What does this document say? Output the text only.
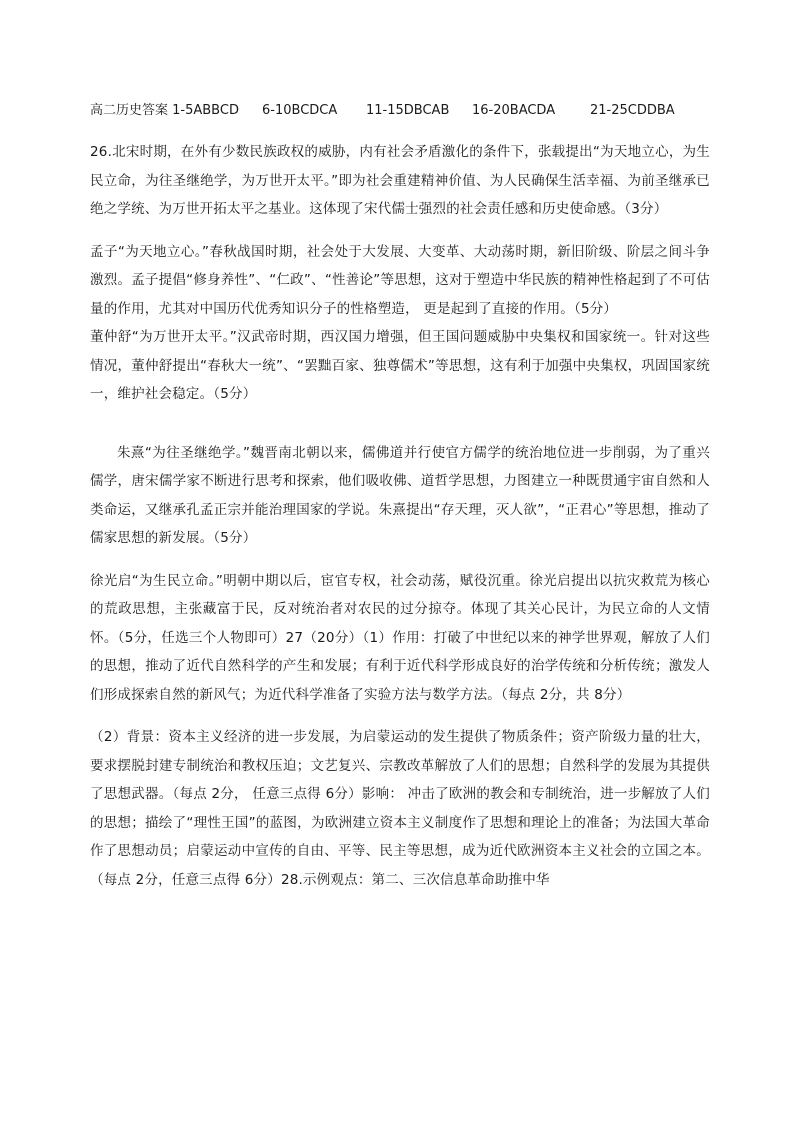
高二历史答案 1-5ABBCD	6-10BCDCA	11-15DBCAB	16-20BACDA	21-25CDDBA

26.北宋时期，在外有少数民族政权的威胁，内有社会矛盾激化的条件下，张载提出“为天地立心，为生民立命，为往圣继绝学，为万世开太平。”即为社会重建精神价值、为人民确保生活幸福、为前圣继承已绝之学统、为万世开拓太平之基业。这体现了宋代儒士强烈的社会责任感和历史使命感。（3分）

孟子“为天地立心。”春秋战国时期，社会处于大发展、大变革、大动荡时期，新旧阶级、阶层之间斗争激烈。孟子提倡“修身养性”、“仁政”、“性善论”等思想，这对于塑造中华民族的精神性格起到了不可估量的作用，尤其对中国历代优秀知识分子的性格塑造， 更是起到了直接的作用。（5分）

董仲舒“为万世开太平。”汉武帝时期，西汉国力增强，但王国问题威胁中央集权和国家统一。针对这些情况，董仲舒提出“春秋大一统”、“罢黜百家、独尊儒术”等思想，这有利于加强中央集权，巩固国家统一，维护社会稳定。（5分）

朱熹“为往圣继绝学。”魏晋南北朝以来，儒佛道并行使官方儒学的统治地位进一步削弱，为了重兴儒学，唐宋儒学家不断进行思考和探索，他们吸收佛、道哲学思想，力图建立一种既贯通宇宙自然和人类命运，又继承孔孟正宗并能治理国家的学说。朱熹提出“存天理，灭人欲”，“正君心”等思想，推动了儒家思想的新发展。（5分）

徐光启“为生民立命。”明朝中期以后，宦官专权，社会动荡，赋役沉重。徐光启提出以抗灾救荒为核心的荒政思想，主张藏富于民，反对统治者对农民的过分掠夺。体现了其关心民计，为民立命的人文情怀。（5分，任选三个人物即可）27（20分）（1）作用：打破了中世纪以来的神学世界观，解放了人们的思想，推动了近代自然科学的产生和发展；有利于近代科学形成良好的治学传统和分析传统；激发人们形成探索自然的新风气；为近代科学准备了实验方法与数学方法。（每点 2分，共 8分）

（2）背景：资本主义经济的进一步发展，为启蒙运动的发生提供了物质条件；资产阶级力量的壮大，要求摆脱封建专制统治和教权压迫；文艺复兴、宗教改革解放了人们的思想；自然科学的发展为其提供了思想武器。（每点 2分， 任意三点得 6分）影响： 冲击了欧洲的教会和专制统治，进一步解放了人们的思想；描绘了“理性王国”的蓝图，为欧洲建立资本主义制度作了思想和理论上的准备；为法国大革命作了思想动员；启蒙运动中宣传的自由、平等、民主等思想，成为近代欧洲资本主义社会的立国之本。（每点 2分，任意三点得 6分）28.示例观点：第二、三次信息革命助推中华
